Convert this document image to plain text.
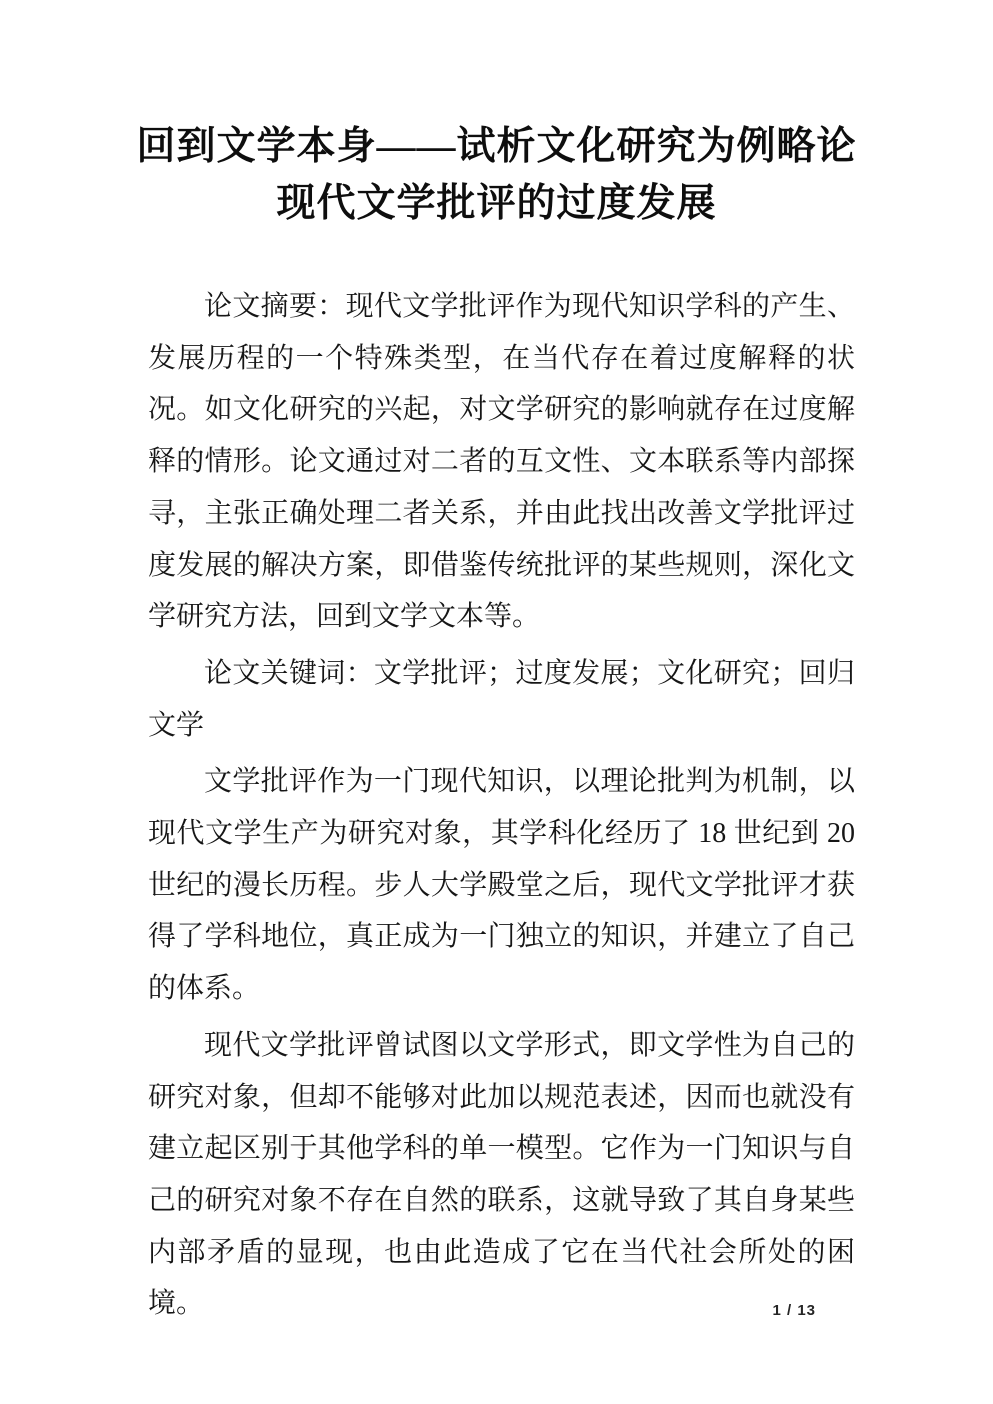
回到文学本身——试析文化研究为例略论
现代文学批评的过度发展

论文摘要：现代文学批评作为现代知识学科的产生、发展历程的一个特殊类型，在当代存在着过度解释的状况。如文化研究的兴起，对文学研究的影响就存在过度解释的情形。论文通过对二者的互文性、文本联系等内部探寻，主张正确处理二者关系，并由此找出改善文学批评过度发展的解决方案，即借鉴传统批评的某些规则，深化文学研究方法，回到文学文本等。

论文关键词：文学批评；过度发展；文化研究；回归文学

文学批评作为一门现代知识，以理论批判为机制，以现代文学生产为研究对象，其学科化经历了 18 世纪到 20 世纪的漫长历程。步人大学殿堂之后，现代文学批评才获得了学科地位，真正成为一门独立的知识，并建立了自己的体系。

现代文学批评曾试图以文学形式，即文学性为自己的研究对象，但却不能够对此加以规范表述，因而也就没有建立起区别于其他学科的单一模型。它作为一门知识与自己的研究对象不存在自然的联系，这就导致了其自身某些内部矛盾的显现，也由此造成了它在当代社会所处的困境。	1 / 13
